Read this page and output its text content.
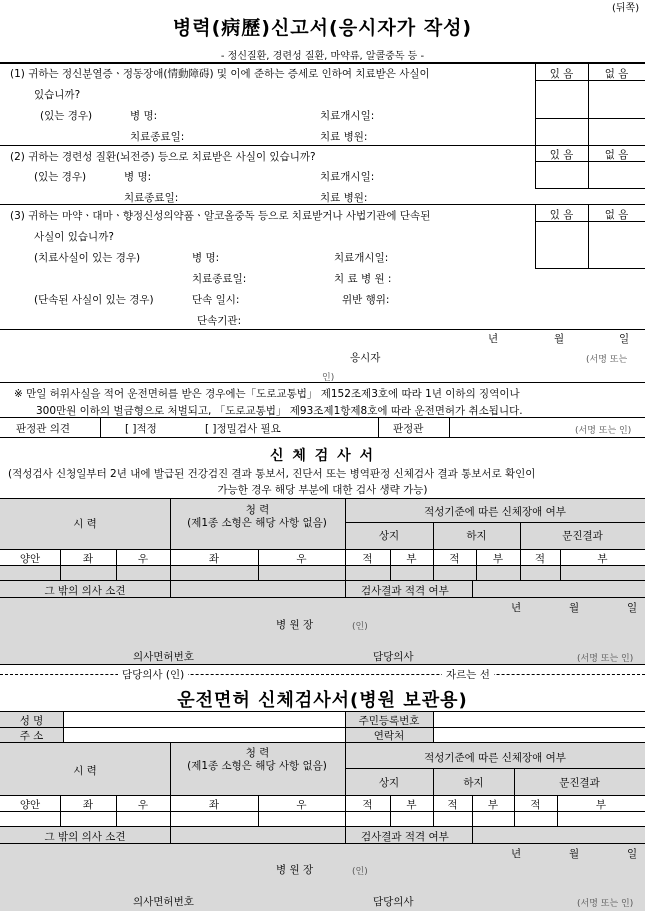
(뒤쪽)
병력(病歷)신고서(응시자가 작성)
- 정신질환, 경련성 질환, 마약류, 알콜중독 등 -
(1) 귀하는 정신분열증ㆍ정동장애(情動障碍) 및 이에 준하는 증세로 인하여 치료받은 사실이
있습니까?
(있는 경우)	병 명:	치료개시일:
치료종료일:	치료 병원:
있 음	없 음
(2) 귀하는 경련성 질환(뇌전증) 등으로 치료받은 사실이 있습니까?
(있는 경우)	병 명:	치료개시일:
치료종료일:	치료 병원:
있 음	없 음
(3) 귀하는 마약ㆍ대마ㆍ향정신성의약품ㆍ알코올중독 등으로 치료받거나 사법기관에 단속된
사실이 있습니까?
(치료사실이 있는 경우)	병 명:	치료개시일:
치료종료일:	치 료 병 원 :
(단속된 사실이 있는 경우)	단속 일시:	위반 행위:
단속기관:
있 음	없 음
년	월	일
응시자	(서명 또는
인)
※ 만일 허위사실을 적어 운전면허를 받은 경우에는「도로교통법」 제152조제3호에 따라 1년 이하의 징역이나
300만원 이하의 벌금형으로 처벌되고, 「도로교통법」 제93조제1항제8호에 따라 운전면허가 취소됩니다.
판정관 의견	[ ]적정	[ ]정밀검사 필요	판정관	(서명 또는 인)
신 체 검 사 서
(적성검사 신청일부터 2년 내에 발급된 건강검진 결과 통보서, 진단서 또는 병역판정 신체검사 결과 통보서로 확인이
가능한 경우 해당 부분에 대한 검사 생략 가능)
시 력
청 력
(제1종 소형은 해당 사항 없음)
적성기준에 따른 신체장애 여부
상지	하지	문진결과
양안	좌	우	좌	우	적	부	적	부	적	부
그 밖의 의사 소견	검사결과 적격 여부
년	월	일
병 원 장	(인)
의사면허번호	담당의사	(서명 또는 인)
담당의사 (인)	자르는 선
운전면허 신체검사서(병원 보관용)
성 명
주 소
주민등록번호
연락처
시 력
청 력
(제1종 소형은 해당 사항 없음)
적성기준에 따른 신체장애 여부
상지	하지	문진결과
양안	좌	우	좌	우	적	부	적	부	적	부
그 밖의 의사 소견	검사결과 적격 여부
년	월	일
병 원 장	(인)
의사면허번호	담당의사	(서명 또는 인)
